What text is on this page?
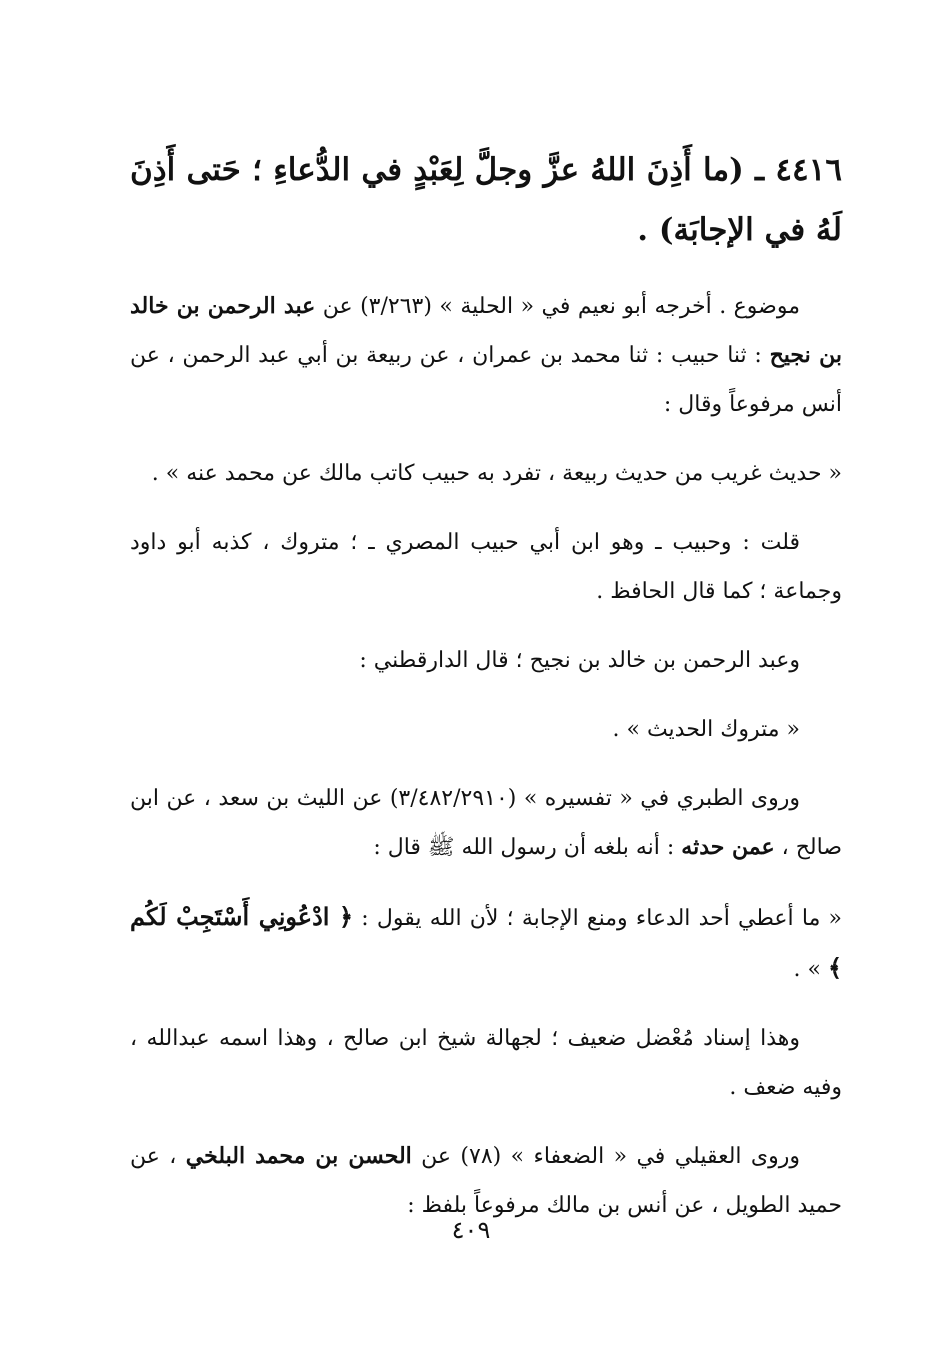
٤٤١٦ ـ (ما أَذِنَ اللهُ عزَّ وجلَّ لِعَبْدٍ في الدُّعاءِ ؛ حَتى أَذِنَ لَهُ في الإجابَة) .
موضوع . أخرجه أبو نعيم في « الحلية » (٣/٢٦٣) عن عبد الرحمن بن خالد بن نجيح : ثنا حبيب : ثنا محمد بن عمران ، عن ربيعة بن أبي عبد الرحمن ، عن أنس مرفوعاً وقال :
« حديث غريب من حديث ربيعة ، تفرد به حبيب كاتب مالك عن محمد عنه » .
قلت : وحبيب ـ وهو ابن أبي حبيب المصري ـ ؛ متروك ، كذبه أبو داود وجماعة ؛ كما قال الحافظ .
وعبد الرحمن بن خالد بن نجيح ؛ قال الدارقطني :
« متروك الحديث » .
وروى الطبري في « تفسيره » (٣/٤٨٢/٢٩١٠) عن الليث بن سعد ، عن ابن صالح ، عمن حدثه : أنه بلغه أن رسول الله ﷺ قال :
« ما أعطي أحد الدعاء ومنع الإجابة ؛ لأن الله يقول : ﴿ ادْعُونِي أَسْتَجِبْ لَكُم ﴾ » .
وهذا إسناد مُعْضل ضعيف ؛ لجهالة شيخ ابن صالح ، وهذا اسمه عبدالله ، وفيه ضعف .
وروى العقيلي في « الضعفاء » (٧٨) عن الحسن بن محمد البلخي ، عن حميد الطويل ، عن أنس بن مالك مرفوعاً بلفظ :
٤٠٩
